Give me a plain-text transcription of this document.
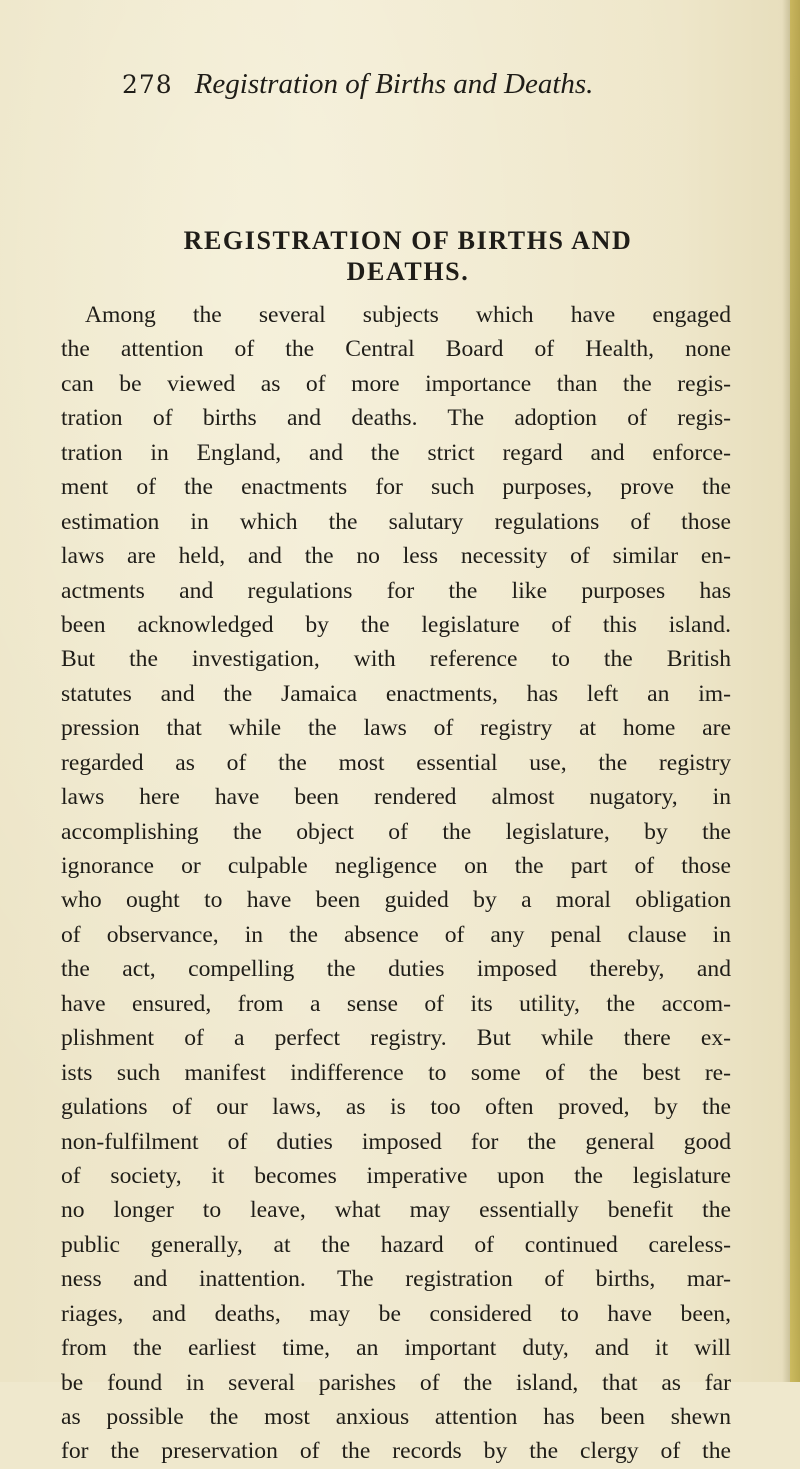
278 Registration of Births and Deaths.
REGISTRATION OF BIRTHS AND
DEATHS.
Among the several subjects which have engaged
the attention of the Central Board of Health, none
can be viewed as of more importance than the regis-
tration of births and deaths. The adoption of regis-
tration in England, and the strict regard and enforce-
ment of the enactments for such purposes, prove the
estimation in which the salutary regulations of those
laws are held, and the no less necessity of similar en-
actments and regulations for the like purposes has
been acknowledged by the legislature of this island.
But the investigation, with reference to the British
statutes and the Jamaica enactments, has left an im-
pression that while the laws of registry at home are
regarded as of the most essential use, the registry
laws here have been rendered almost nugatory, in
accomplishing the object of the legislature, by the
ignorance or culpable negligence on the part of those
who ought to have been guided by a moral obligation
of observance, in the absence of any penal clause in
the act, compelling the duties imposed thereby, and
have ensured, from a sense of its utility, the accom-
plishment of a perfect registry. But while there ex-
ists such manifest indifference to some of the best re-
gulations of our laws, as is too often proved, by the
non-fulfilment of duties imposed for the general good
of society, it becomes imperative upon the legislature
no longer to leave, what may essentially benefit the
public generally, at the hazard of continued careless-
ness and inattention. The registration of births, mar-
riages, and deaths, may be considered to have been,
from the earliest time, an important duty, and it will
be found in several parishes of the island, that as far
as possible the most anxious attention has been shewn
for the preservation of the records by the clergy of the
